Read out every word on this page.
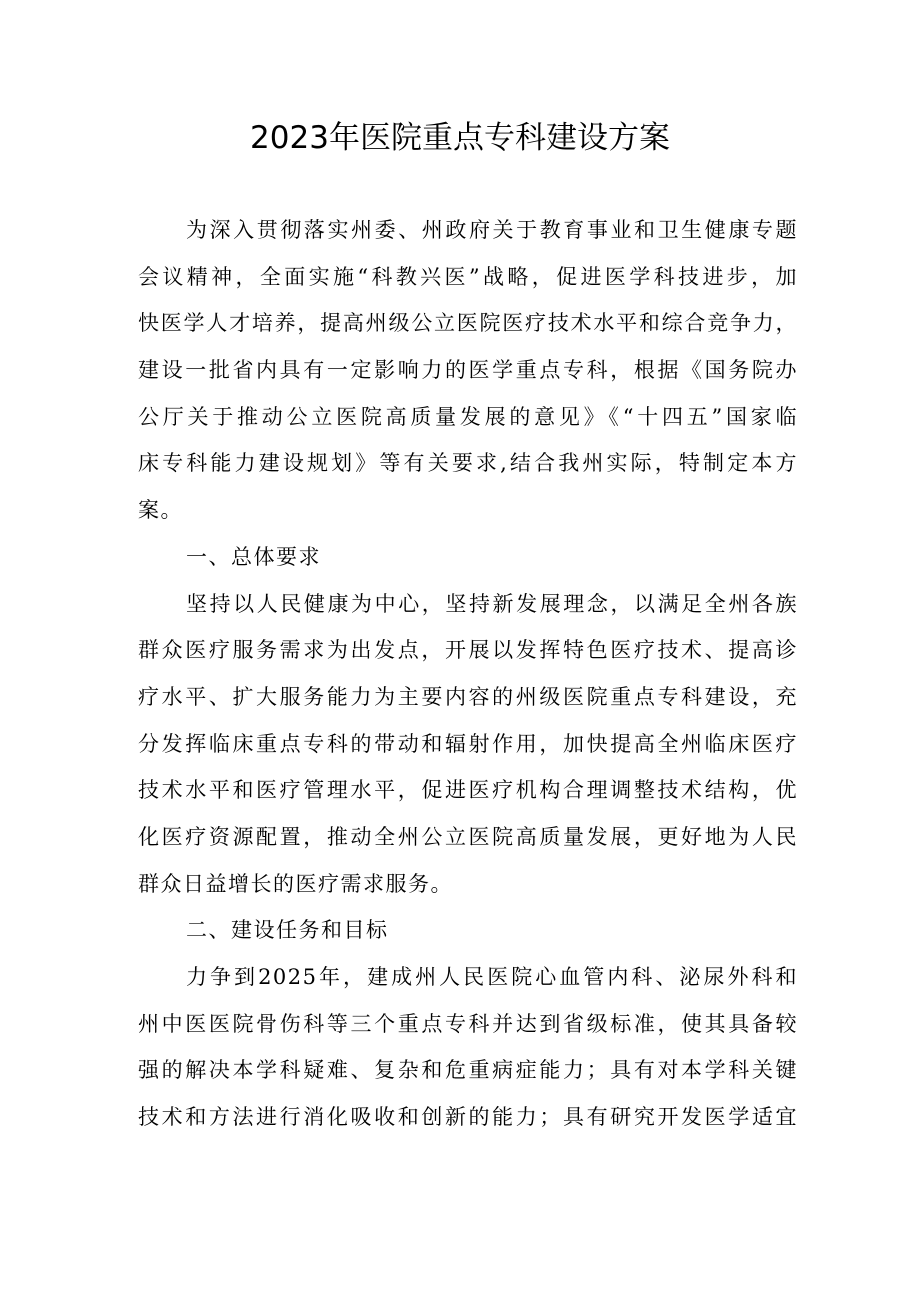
2023年医院重点专科建设方案
为深入贯彻落实州委、州政府关于教育事业和卫生健康专题
会议精神，全面实施“科教兴医”战略，促进医学科技进步，加
快医学人才培养，提高州级公立医院医疗技术水平和综合竞争力，
建设一批省内具有一定影响力的医学重点专科，根据《国务院办
公厅关于推动公立医院高质量发展的意见》《“十四五”国家临
床专科能力建设规划》等有关要求,结合我州实际，特制定本方
案。
一、总体要求
坚持以人民健康为中心，坚持新发展理念，以满足全州各族
群众医疗服务需求为出发点，开展以发挥特色医疗技术、提高诊
疗水平、扩大服务能力为主要内容的州级医院重点专科建设，充
分发挥临床重点专科的带动和辐射作用，加快提高全州临床医疗
技术水平和医疗管理水平，促进医疗机构合理调整技术结构，优
化医疗资源配置，推动全州公立医院高质量发展，更好地为人民
群众日益增长的医疗需求服务。
二、建设任务和目标
力争到2025年，建成州人民医院心血管内科、泌尿外科和
州中医医院骨伤科等三个重点专科并达到省级标准，使其具备较
强的解决本学科疑难、复杂和危重病症能力；具有对本学科关键
技术和方法进行消化吸收和创新的能力；具有研究开发医学适宜
